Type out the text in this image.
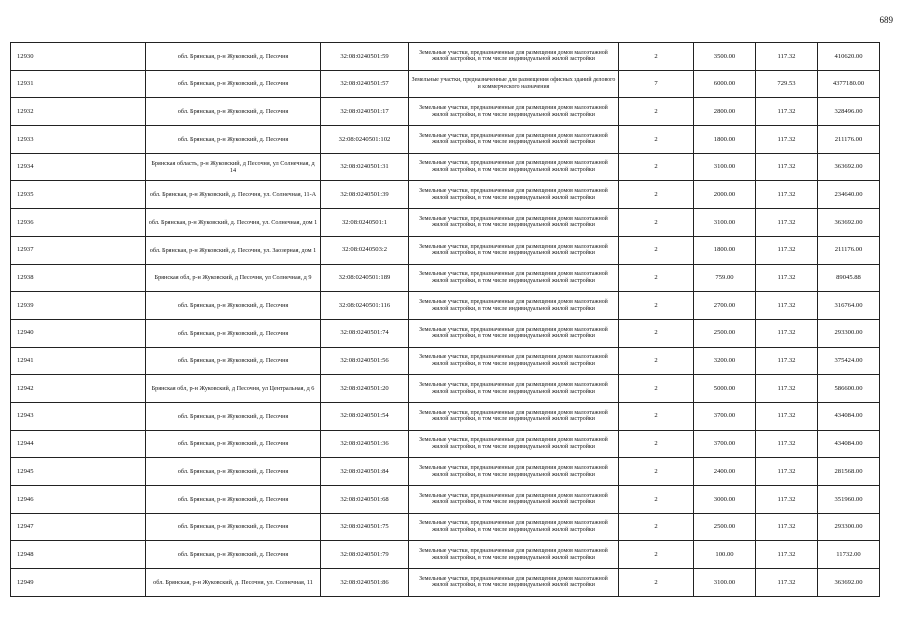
689
12930	обл. Брянская, р-н Жуковский, д. Песочня	32:08:0240501:59	Земельные участки, предназначенные для размещения домов малоэтажной жилой застройки, в том числе индивидуальной жилой застройки	2	3500.00	117.32	410620.00
12931	обл. Брянская, р-н Жуковский, д. Песочня	32:08:0240501:57	Земельные участки, предназначенные для размещения офисных зданий делового и коммерческого назначения	7	6000.00	729.53	4377180.00
12932	обл. Брянская, р-н Жуковский, д. Песочня	32:08:0240501:17	Земельные участки, предназначенные для размещения домов малоэтажной жилой застройки, в том числе индивидуальной жилой застройки	2	2800.00	117.32	328496.00
12933	обл. Брянская, р-н Жуковский, д. Песочня	32:08:0240501:102	Земельные участки, предназначенные для размещения домов малоэтажной жилой застройки, в том числе индивидуальной жилой застройки	2	1800.00	117.32	211176.00
12934	Брянская область, р-н Жуковский, д Песочня, ул Солнечная, д 14	32:08:0240501:31	Земельные участки, предназначенные для размещения домов малоэтажной жилой застройки, в том числе индивидуальной жилой застройки	2	3100.00	117.32	363692.00
12935	обл. Брянская, р-н Жуковский, д. Песочня, ул. Солнечная, 11-А	32:08:0240501:39	Земельные участки, предназначенные для размещения домов малоэтажной жилой застройки, в том числе индивидуальной жилой застройки	2	2000.00	117.32	234640.00
12936	обл. Брянская, р-н Жуковский, д. Песочня, ул. Солнечная, дом 1	32:08:0240501:1	Земельные участки, предназначенные для размещения домов малоэтажной жилой застройки, в том числе индивидуальной жилой застройки	2	3100.00	117.32	363692.00
12937	обл. Брянская, р-н Жуковский, д. Песочня, ул. Заозерная, дом 1	32:08:0240503:2	Земельные участки, предназначенные для размещения домов малоэтажной жилой застройки, в том числе индивидуальной жилой застройки	2	1800.00	117.32	211176.00
12938	Брянская обл, р-н Жуковский, д Песочня, ул Солнечная, д 9	32:08:0240501:189	Земельные участки, предназначенные для размещения домов малоэтажной жилой застройки, в том числе индивидуальной жилой застройки	2	759.00	117.32	89045.88
12939	обл. Брянская, р-н Жуковский, д. Песочня	32:08:0240501:116	Земельные участки, предназначенные для размещения домов малоэтажной жилой застройки, в том числе индивидуальной жилой застройки	2	2700.00	117.32	316764.00
12940	обл. Брянская, р-н Жуковский, д. Песочня	32:08:0240501:74	Земельные участки, предназначенные для размещения домов малоэтажной жилой застройки, в том числе индивидуальной жилой застройки	2	2500.00	117.32	293300.00
12941	обл. Брянская, р-н Жуковский, д. Песочня	32:08:0240501:56	Земельные участки, предназначенные для размещения домов малоэтажной жилой застройки, в том числе индивидуальной жилой застройки	2	3200.00	117.32	375424.00
12942	Брянская обл, р-н Жуковский, д Песочня, ул Центральная, д 6	32:08:0240501:20	Земельные участки, предназначенные для размещения домов малоэтажной жилой застройки, в том числе индивидуальной жилой застройки	2	5000.00	117.32	586600.00
12943	обл. Брянская, р-н Жуковский, д. Песочня	32:08:0240501:54	Земельные участки, предназначенные для размещения домов малоэтажной жилой застройки, в том числе индивидуальной жилой застройки	2	3700.00	117.32	434084.00
12944	обл. Брянская, р-н Жуковский, д. Песочня	32:08:0240501:36	Земельные участки, предназначенные для размещения домов малоэтажной жилой застройки, в том числе индивидуальной жилой застройки	2	3700.00	117.32	434084.00
12945	обл. Брянская, р-н Жуковский, д. Песочня	32:08:0240501:84	Земельные участки, предназначенные для размещения домов малоэтажной жилой застройки, в том числе индивидуальной жилой застройки	2	2400.00	117.32	281568.00
12946	обл. Брянская, р-н Жуковский, д. Песочня	32:08:0240501:68	Земельные участки, предназначенные для размещения домов малоэтажной жилой застройки, в том числе индивидуальной жилой застройки	2	3000.00	117.32	351960.00
12947	обл. Брянская, р-н Жуковский, д. Песочня	32:08:0240501:75	Земельные участки, предназначенные для размещения домов малоэтажной жилой застройки, в том числе индивидуальной жилой застройки	2	2500.00	117.32	293300.00
12948	обл. Брянская, р-н Жуковский, д. Песочня	32:08:0240501:79	Земельные участки, предназначенные для размещения домов малоэтажной жилой застройки, в том числе индивидуальной жилой застройки	2	100.00	117.32	11732.00
12949	обл. Брянская, р-н Жуковский, д. Песочня, ул. Солнечная, 11	32:08:0240501:86	Земельные участки, предназначенные для размещения домов малоэтажной жилой застройки, в том числе индивидуальной жилой застройки	2	3100.00	117.32	363692.00
